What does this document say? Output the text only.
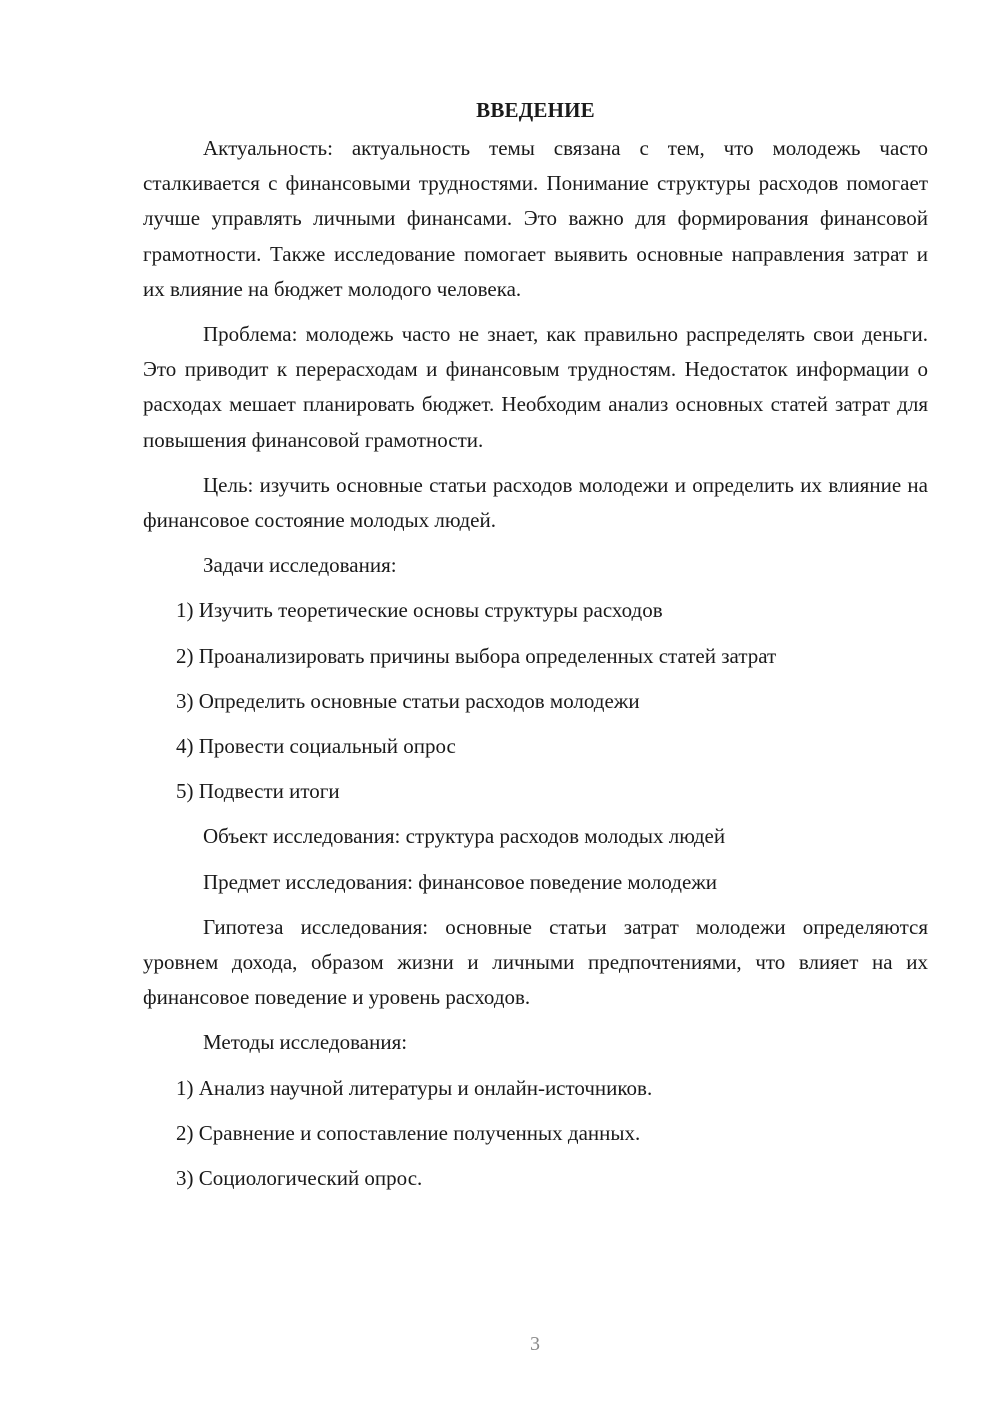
ВВЕДЕНИЕ

Актуальность: актуальность темы связана с тем, что молодежь часто сталкивается с финансовыми трудностями. Понимание структуры расходов помогает лучше управлять личными финансами. Это важно для формирования финансовой грамотности. Также исследование помогает выявить основные направления затрат и их влияние на бюджет молодого человека.

Проблема: молодежь часто не знает, как правильно распределять свои деньги. Это приводит к перерасходам и финансовым трудностям. Недостаток информации о расходах мешает планировать бюджет. Необходим анализ основных статей затрат для повышения финансовой грамотности.

Цель: изучить основные статьи расходов молодежи и определить их влияние на финансовое состояние молодых людей.

Задачи исследования:
1) Изучить теоретические основы структуры расходов
2) Проанализировать причины выбора определенных статей затрат
3) Определить основные статьи расходов молодежи
4) Провести социальный опрос
5) Подвести итоги
Объект исследования: структура расходов молодых людей
Предмет исследования: финансовое поведение молодежи

Гипотеза исследования: основные статьи затрат молодежи определяются уровнем дохода, образом жизни и личными предпочтениями, что влияет на их финансовое поведение и уровень расходов.

Методы исследования:
1) Анализ научной литературы и онлайн-источников.
2) Сравнение и сопоставление полученных данных.
3) Социологический опрос.
3
